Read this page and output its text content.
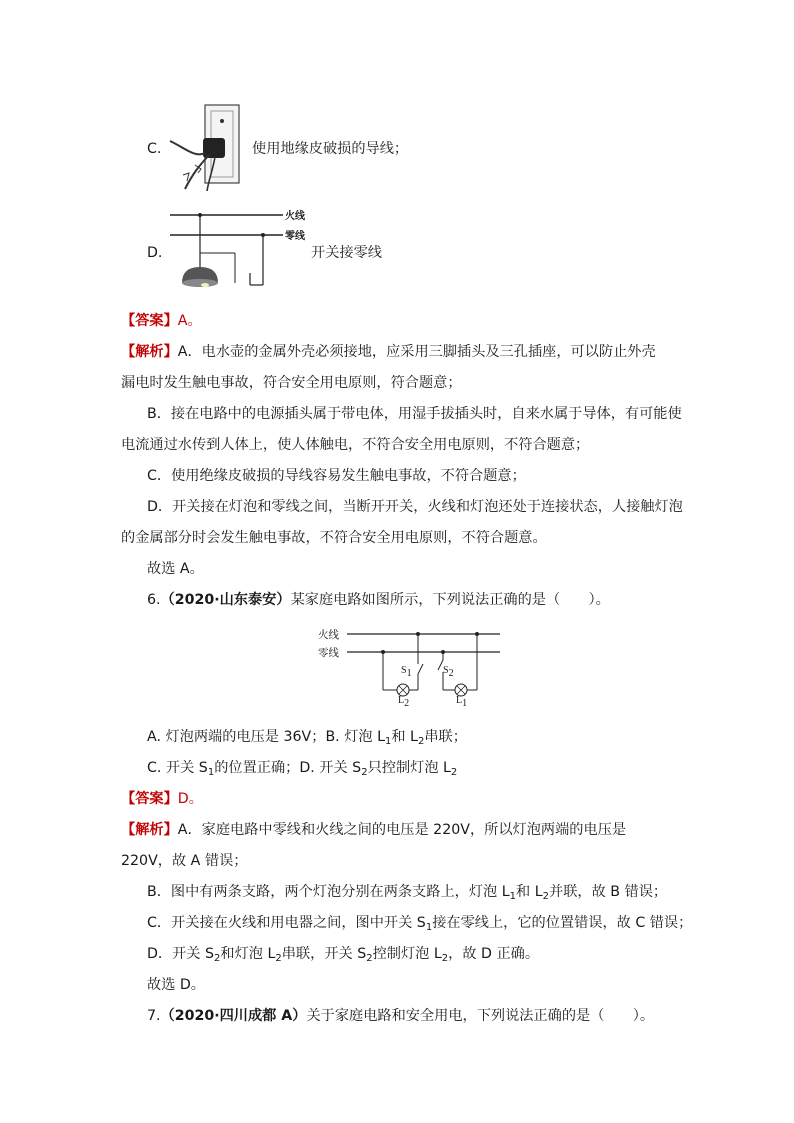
C.	使用地缘皮破损的导线；
D.
火线
零线
开关接零线
【答案】A。
【解析】A．电水壶的金属外壳必须接地，应采用三脚插头及三孔插座，可以防止外壳
漏电时发生触电事故，符合安全用电原则，符合题意；
B．接在电路中的电源插头属于带电体，用湿手拔插头时，自来水属于导体，有可能使
电流通过水传到人体上，使人体触电，不符合安全用电原则，不符合题意；
C．使用绝缘皮破损的导线容易发生触电事故，不符合题意；
D．开关接在灯泡和零线之间，当断开开关，火线和灯泡还处于连接状态，人接触灯泡
的金属部分时会发生触电事故，不符合安全用电原则，不符合题意。
故选 A。
6.（2020·山东泰安）某家庭电路如图所示，下列说法正确的是（　　）。
火线
零线
$S_1$	$S_2$
$L_2$	$L_1$
A. 灯泡两端的电压是 36V；B. 灯泡 $L_1$和 $L_2$串联；
C. 开关 $S_1$的位置正确；D. 开关 $S_2$只控制灯泡 $L_2$
【答案】D。
【解析】A．家庭电路中零线和火线之间的电压是 220V，所以灯泡两端的电压是
220V，故 A 错误；
B．图中有两条支路，两个灯泡分别在两条支路上，灯泡 $L_1$和 $L_2$并联，故 B 错误；
C．开关接在火线和用电器之间，图中开关 $S_1$接在零线上，它的位置错误，故 C 错误；
D．开关 $S_2$和灯泡 $L_2$串联，开关 $S_2$控制灯泡 $L_2$，故 D 正确。
故选 D。
7.（2020·四川成都 A）关于家庭电路和安全用电，下列说法正确的是（　　）。
